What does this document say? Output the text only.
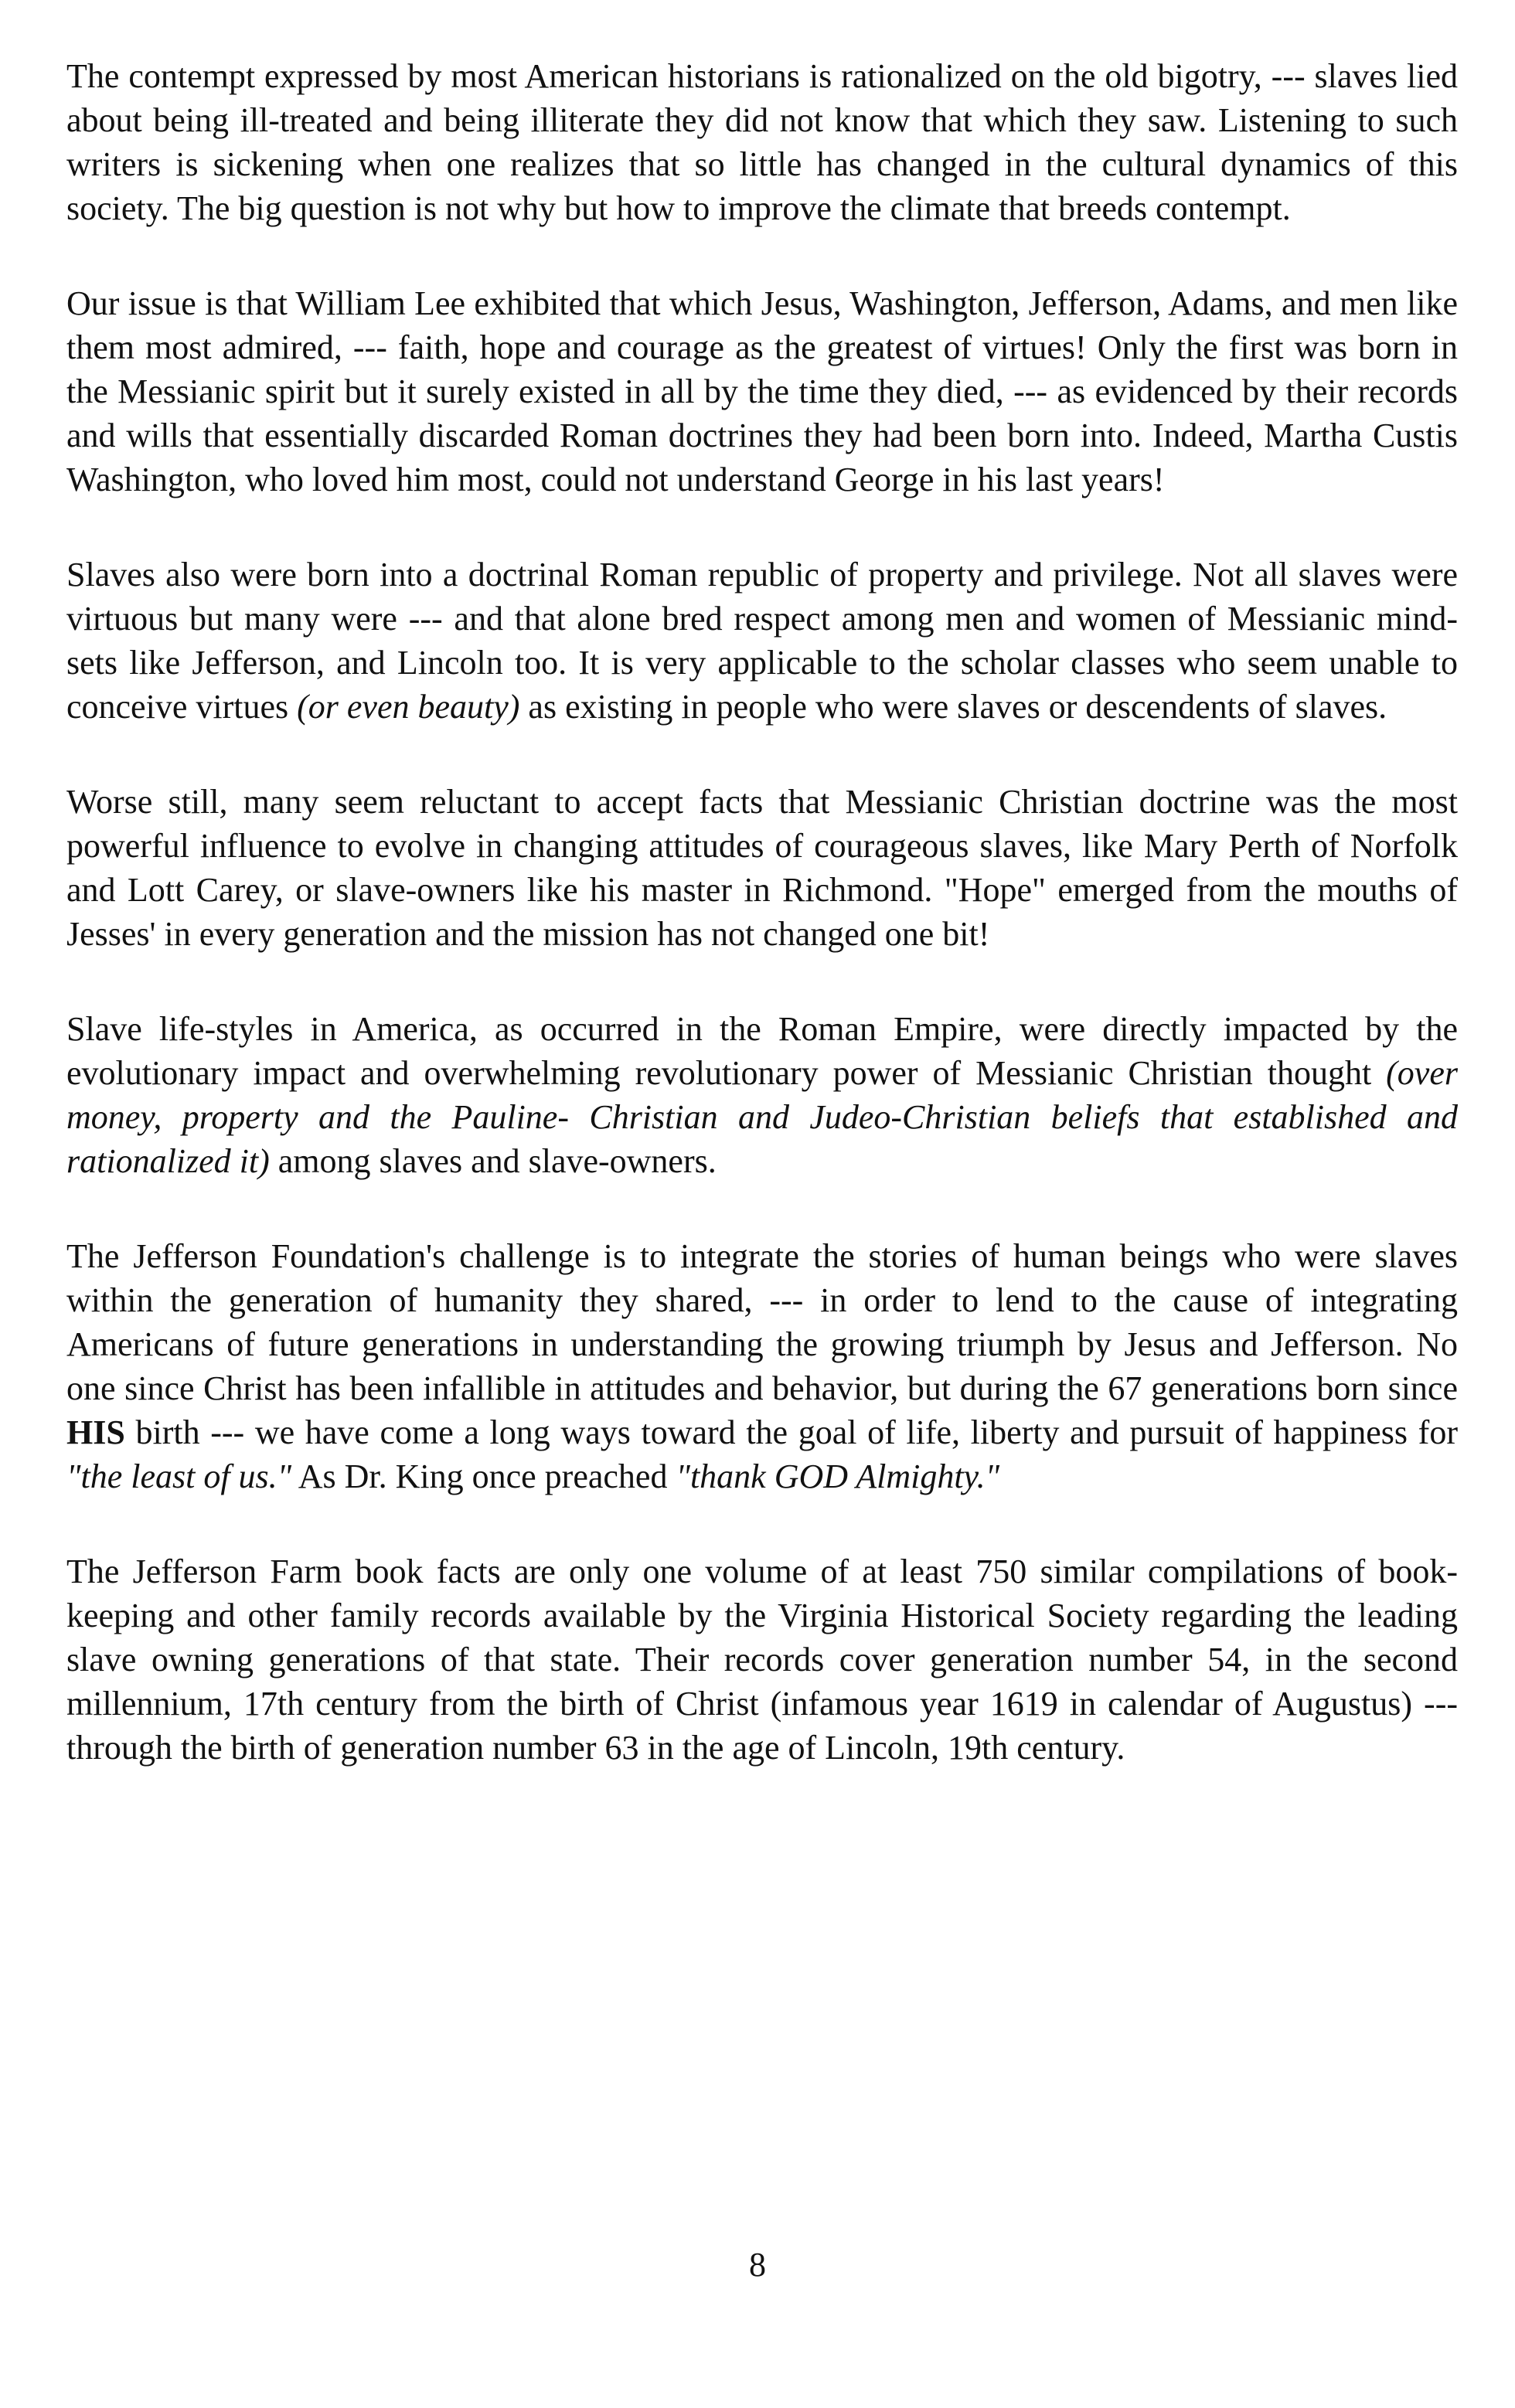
The contempt expressed by most American historians is rationalized on the old bigotry, --- slaves lied about being ill-treated and being illiterate they did not know that which they saw. Listening to such writers is sickening when one realizes that so little has changed in the cultural dynamics of this society. The big question is not why but how to improve the climate that breeds contempt.

Our issue is that William Lee exhibited that which Jesus, Washington, Jefferson, Adams, and men like them most admired, --- faith, hope and courage as the greatest of virtues! Only the first was born in the Messianic spirit but it surely existed in all by the time they died, --- as evidenced by their records and wills that essentially discarded Roman doctrines they had been born into. Indeed, Martha Custis Washington, who loved him most, could not understand George in his last years!

Slaves also were born into a doctrinal Roman republic of property and privilege. Not all slaves were virtuous but many were --- and that alone bred respect among men and women of Messianic mind-sets like Jefferson, and Lincoln too. It is very applicable to the scholar classes who seem unable to conceive virtues (or even beauty) as existing in people who were slaves or descendents of slaves.

Worse still, many seem reluctant to accept facts that Messianic Christian doctrine was the most powerful influence to evolve in changing attitudes of courageous slaves, like Mary Perth of Norfolk and Lott Carey, or slave-owners like his master in Richmond. "Hope" emerged from the mouths of Jesses' in every generation and the mission has not changed one bit!

Slave life-styles in America, as occurred in the Roman Empire, were directly impacted by the evolutionary impact and overwhelming revolutionary power of Messianic Christian thought (over money, property and the Pauline- Christian and Judeo-Christian beliefs that established and rationalized it) among slaves and slave-owners.

The Jefferson Foundation's challenge is to integrate the stories of human beings who were slaves within the generation of humanity they shared, --- in order to lend to the cause of integrating Americans of future generations in understanding the growing triumph by Jesus and Jefferson. No one since Christ has been infallible in attitudes and behavior, but during the 67 generations born since HIS birth --- we have come a long ways toward the goal of life, liberty and pursuit of happiness for "the least of us." As Dr. King once preached "thank GOD Almighty."

The Jefferson Farm book facts are only one volume of at least 750 similar compilations of book-keeping and other family records available by the Virginia Historical Society regarding the leading slave owning generations of that state. Their records cover generation number 54, in the second millennium, 17th century from the birth of Christ (infamous year 1619 in calendar of Augustus) --- through the birth of generation number 63 in the age of Lincoln, 19th century.

8
